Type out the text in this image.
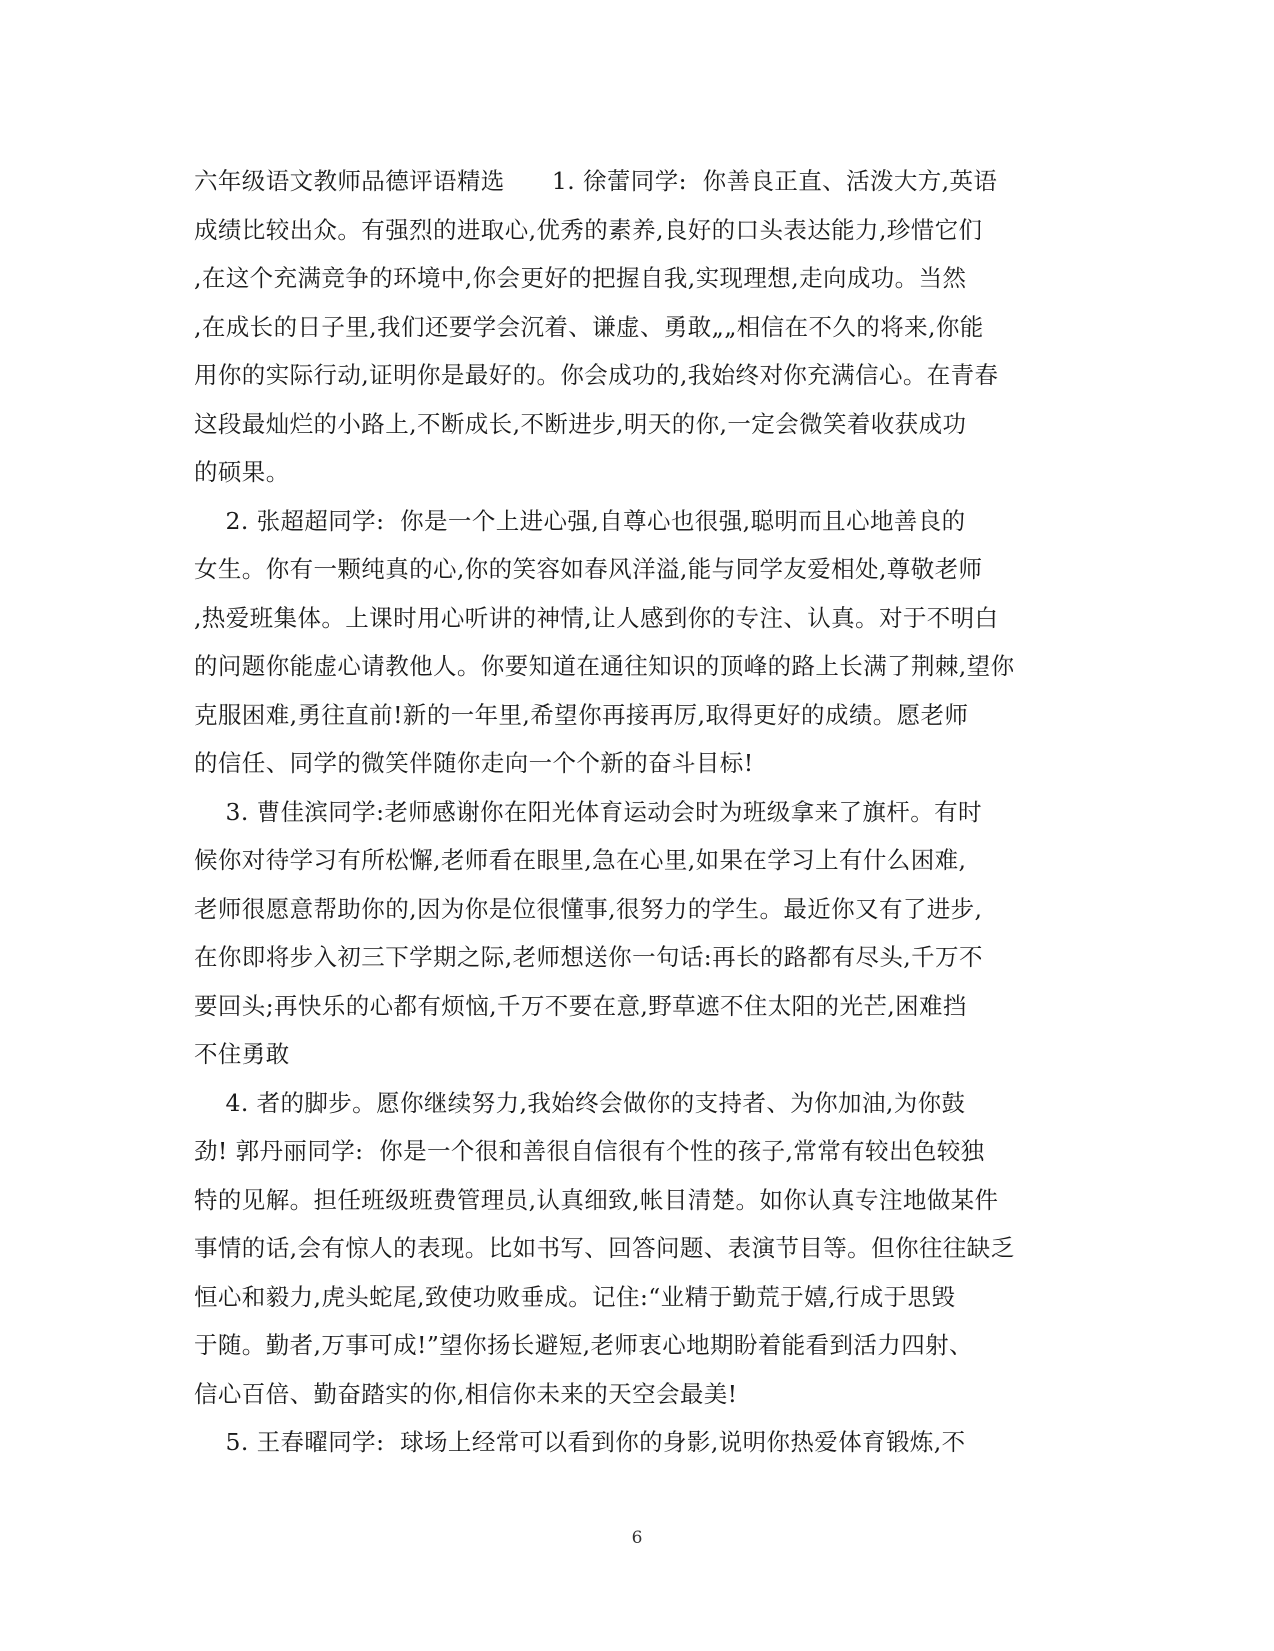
六年级语文教师品德评语精选      1. 徐蕾同学:  你善良正直、活泼大方,英语
成绩比较出众。有强烈的进取心,优秀的素养,良好的口头表达能力,珍惜它们
,在这个充满竞争的环境中,你会更好的把握自我,实现理想,走向成功。当然
,在成长的日子里,我们还要学会沉着、谦虚、勇敢„„相信在不久的将来,你能
用你的实际行动,证明你是最好的。你会成功的,我始终对你充满信心。在青春
这段最灿烂的小路上,不断成长,不断进步,明天的你,一定会微笑着收获成功
的硕果。
2. 张超超同学:  你是一个上进心强,自尊心也很强,聪明而且心地善良的
女生。你有一颗纯真的心,你的笑容如春风洋溢,能与同学友爱相处,尊敬老师
,热爱班集体。上课时用心听讲的神情,让人感到你的专注、认真。对于不明白
的问题你能虚心请教他人。你要知道在通往知识的顶峰的路上长满了荆棘,望你
克服困难,勇往直前!新的一年里,希望你再接再厉,取得更好的成绩。愿老师
的信任、同学的微笑伴随你走向一个个新的奋斗目标!
3. 曹佳滨同学:老师感谢你在阳光体育运动会时为班级拿来了旗杆。有时
候你对待学习有所松懈,老师看在眼里,急在心里,如果在学习上有什么困难,
老师很愿意帮助你的,因为你是位很懂事,很努力的学生。最近你又有了进步,
在你即将步入初三下学期之际,老师想送你一句话:再长的路都有尽头,千万不
要回头;再快乐的心都有烦恼,千万不要在意,野草遮不住太阳的光芒,困难挡
不住勇敢
4. 者的脚步。愿你继续努力,我始终会做你的支持者、为你加油,为你鼓
劲! 郭丹丽同学:  你是一个很和善很自信很有个性的孩子,常常有较出色较独
特的见解。担任班级班费管理员,认真细致,帐目清楚。如你认真专注地做某件
事情的话,会有惊人的表现。比如书写、回答问题、表演节目等。但你往往缺乏
恒心和毅力,虎头蛇尾,致使功败垂成。记住:“业精于勤荒于嬉,行成于思毁
于随。勤者,万事可成!”望你扬长避短,老师衷心地期盼着能看到活力四射、
信心百倍、勤奋踏实的你,相信你未来的天空会最美!
5. 王春曜同学:  球场上经常可以看到你的身影,说明你热爱体育锻炼,不
6
